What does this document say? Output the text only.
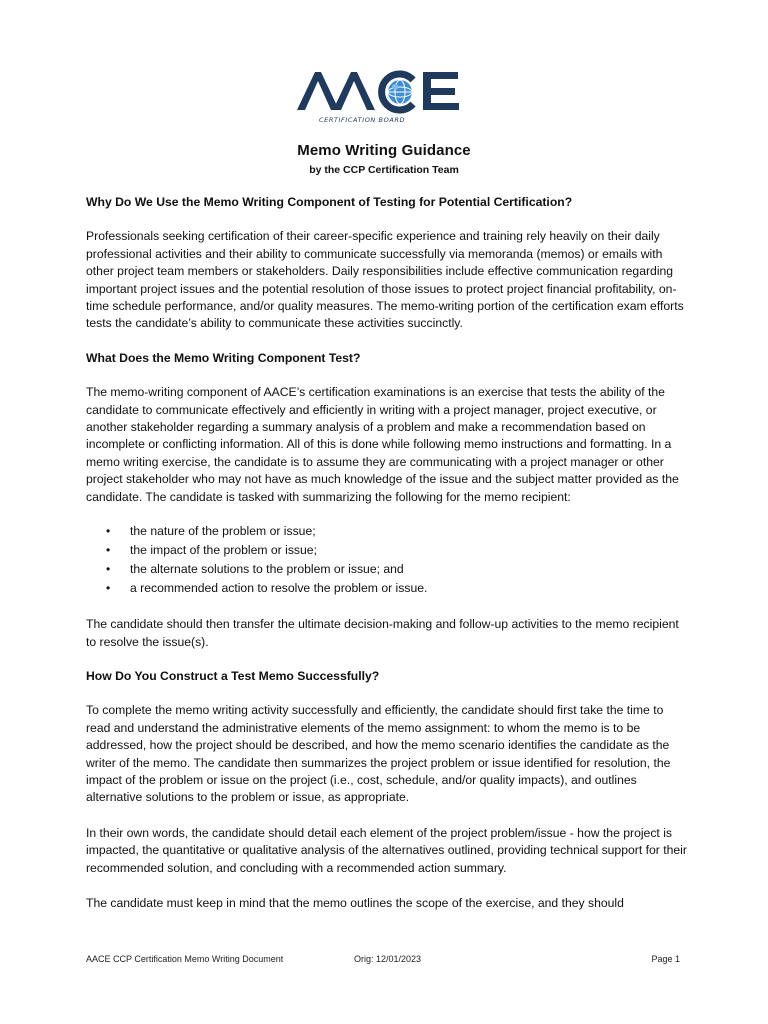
CERTIFICATION BOARD
Memo Writing Guidance
by the CCP Certification Team

Why Do We Use the Memo Writing Component of Testing for Potential Certification?

Professionals seeking certification of their career-specific experience and training rely heavily on their daily professional activities and their ability to communicate successfully via memoranda (memos) or emails with other project team members or stakeholders. Daily responsibilities include effective communication regarding important project issues and the potential resolution of those issues to protect project financial profitability, on-time schedule performance, and/or quality measures. The memo-writing portion of the certification exam efforts tests the candidate’s ability to communicate these activities succinctly.

What Does the Memo Writing Component Test?

The memo-writing component of AACE’s certification examinations is an exercise that tests the ability of the candidate to communicate effectively and efficiently in writing with a project manager, project executive, or another stakeholder regarding a summary analysis of a problem and make a recommendation based on incomplete or conflicting information. All of this is done while following memo instructions and formatting. In a memo writing exercise, the candidate is to assume they are communicating with a project manager or other project stakeholder who may not have as much knowledge of the issue and the subject matter provided as the candidate. The candidate is tasked with summarizing the following for the memo recipient:

• the nature of the problem or issue;
• the impact of the problem or issue;
• the alternate solutions to the problem or issue; and
• a recommended action to resolve the problem or issue.

The candidate should then transfer the ultimate decision-making and follow-up activities to the memo recipient to resolve the issue(s).

How Do You Construct a Test Memo Successfully?

To complete the memo writing activity successfully and efficiently, the candidate should first take the time to read and understand the administrative elements of the memo assignment: to whom the memo is to be addressed, how the project should be described, and how the memo scenario identifies the candidate as the writer of the memo. The candidate then summarizes the project problem or issue identified for resolution, the impact of the problem or issue on the project (i.e., cost, schedule, and/or quality impacts), and outlines alternative solutions to the problem or issue, as appropriate.

In their own words, the candidate should detail each element of the project problem/issue - how the project is impacted, the quantitative or qualitative analysis of the alternatives outlined, providing technical support for their recommended solution, and concluding with a recommended action summary.

The candidate must keep in mind that the memo outlines the scope of the exercise, and they should

AACE CCP Certification Memo Writing Document	Orig: 12/01/2023	Page 1
